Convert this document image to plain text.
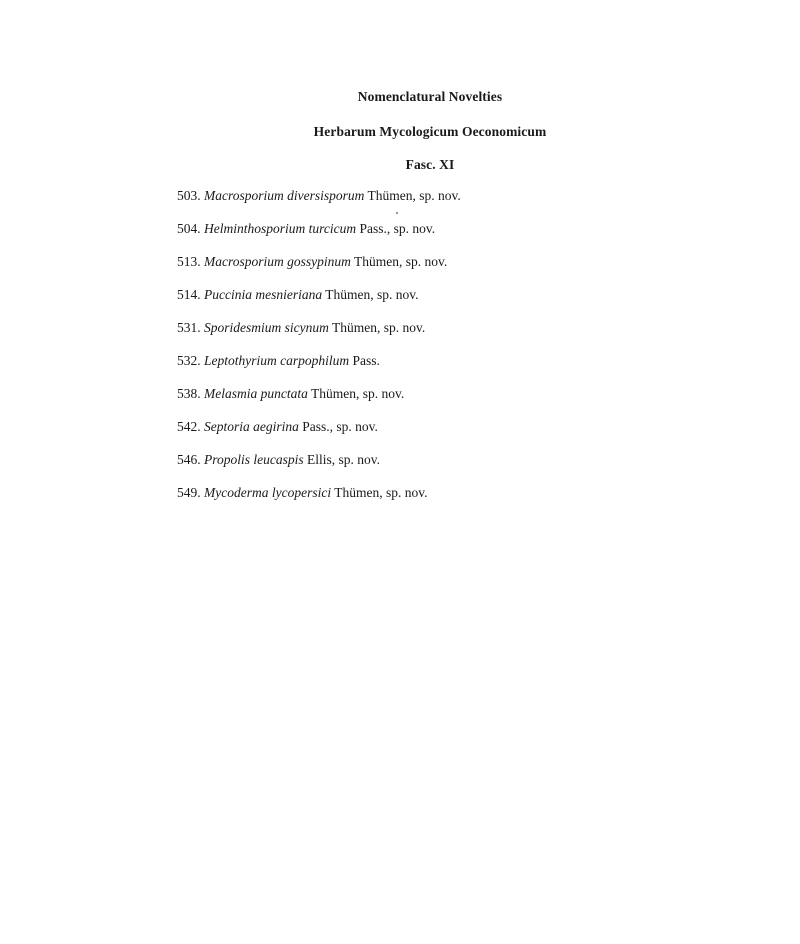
Nomenclatural Novelties
Herbarum Mycologicum Oeconomicum
Fasc. XI
503. Macrosporium diversisporum Thümen, sp. nov.
504. Helminthosporium turcicum Pass., sp. nov.
513. Macrosporium gossypinum Thümen, sp. nov.
514. Puccinia mesnieriana Thümen, sp. nov.
531. Sporidesmium sicynum Thümen, sp. nov.
532. Leptothyrium carpophilum Pass.
538. Melasmia punctata Thümen, sp. nov.
542. Septoria aegirina Pass., sp. nov.
546. Propolis leucaspis Ellis, sp. nov.
549. Mycoderma lycopersici Thümen, sp. nov.
